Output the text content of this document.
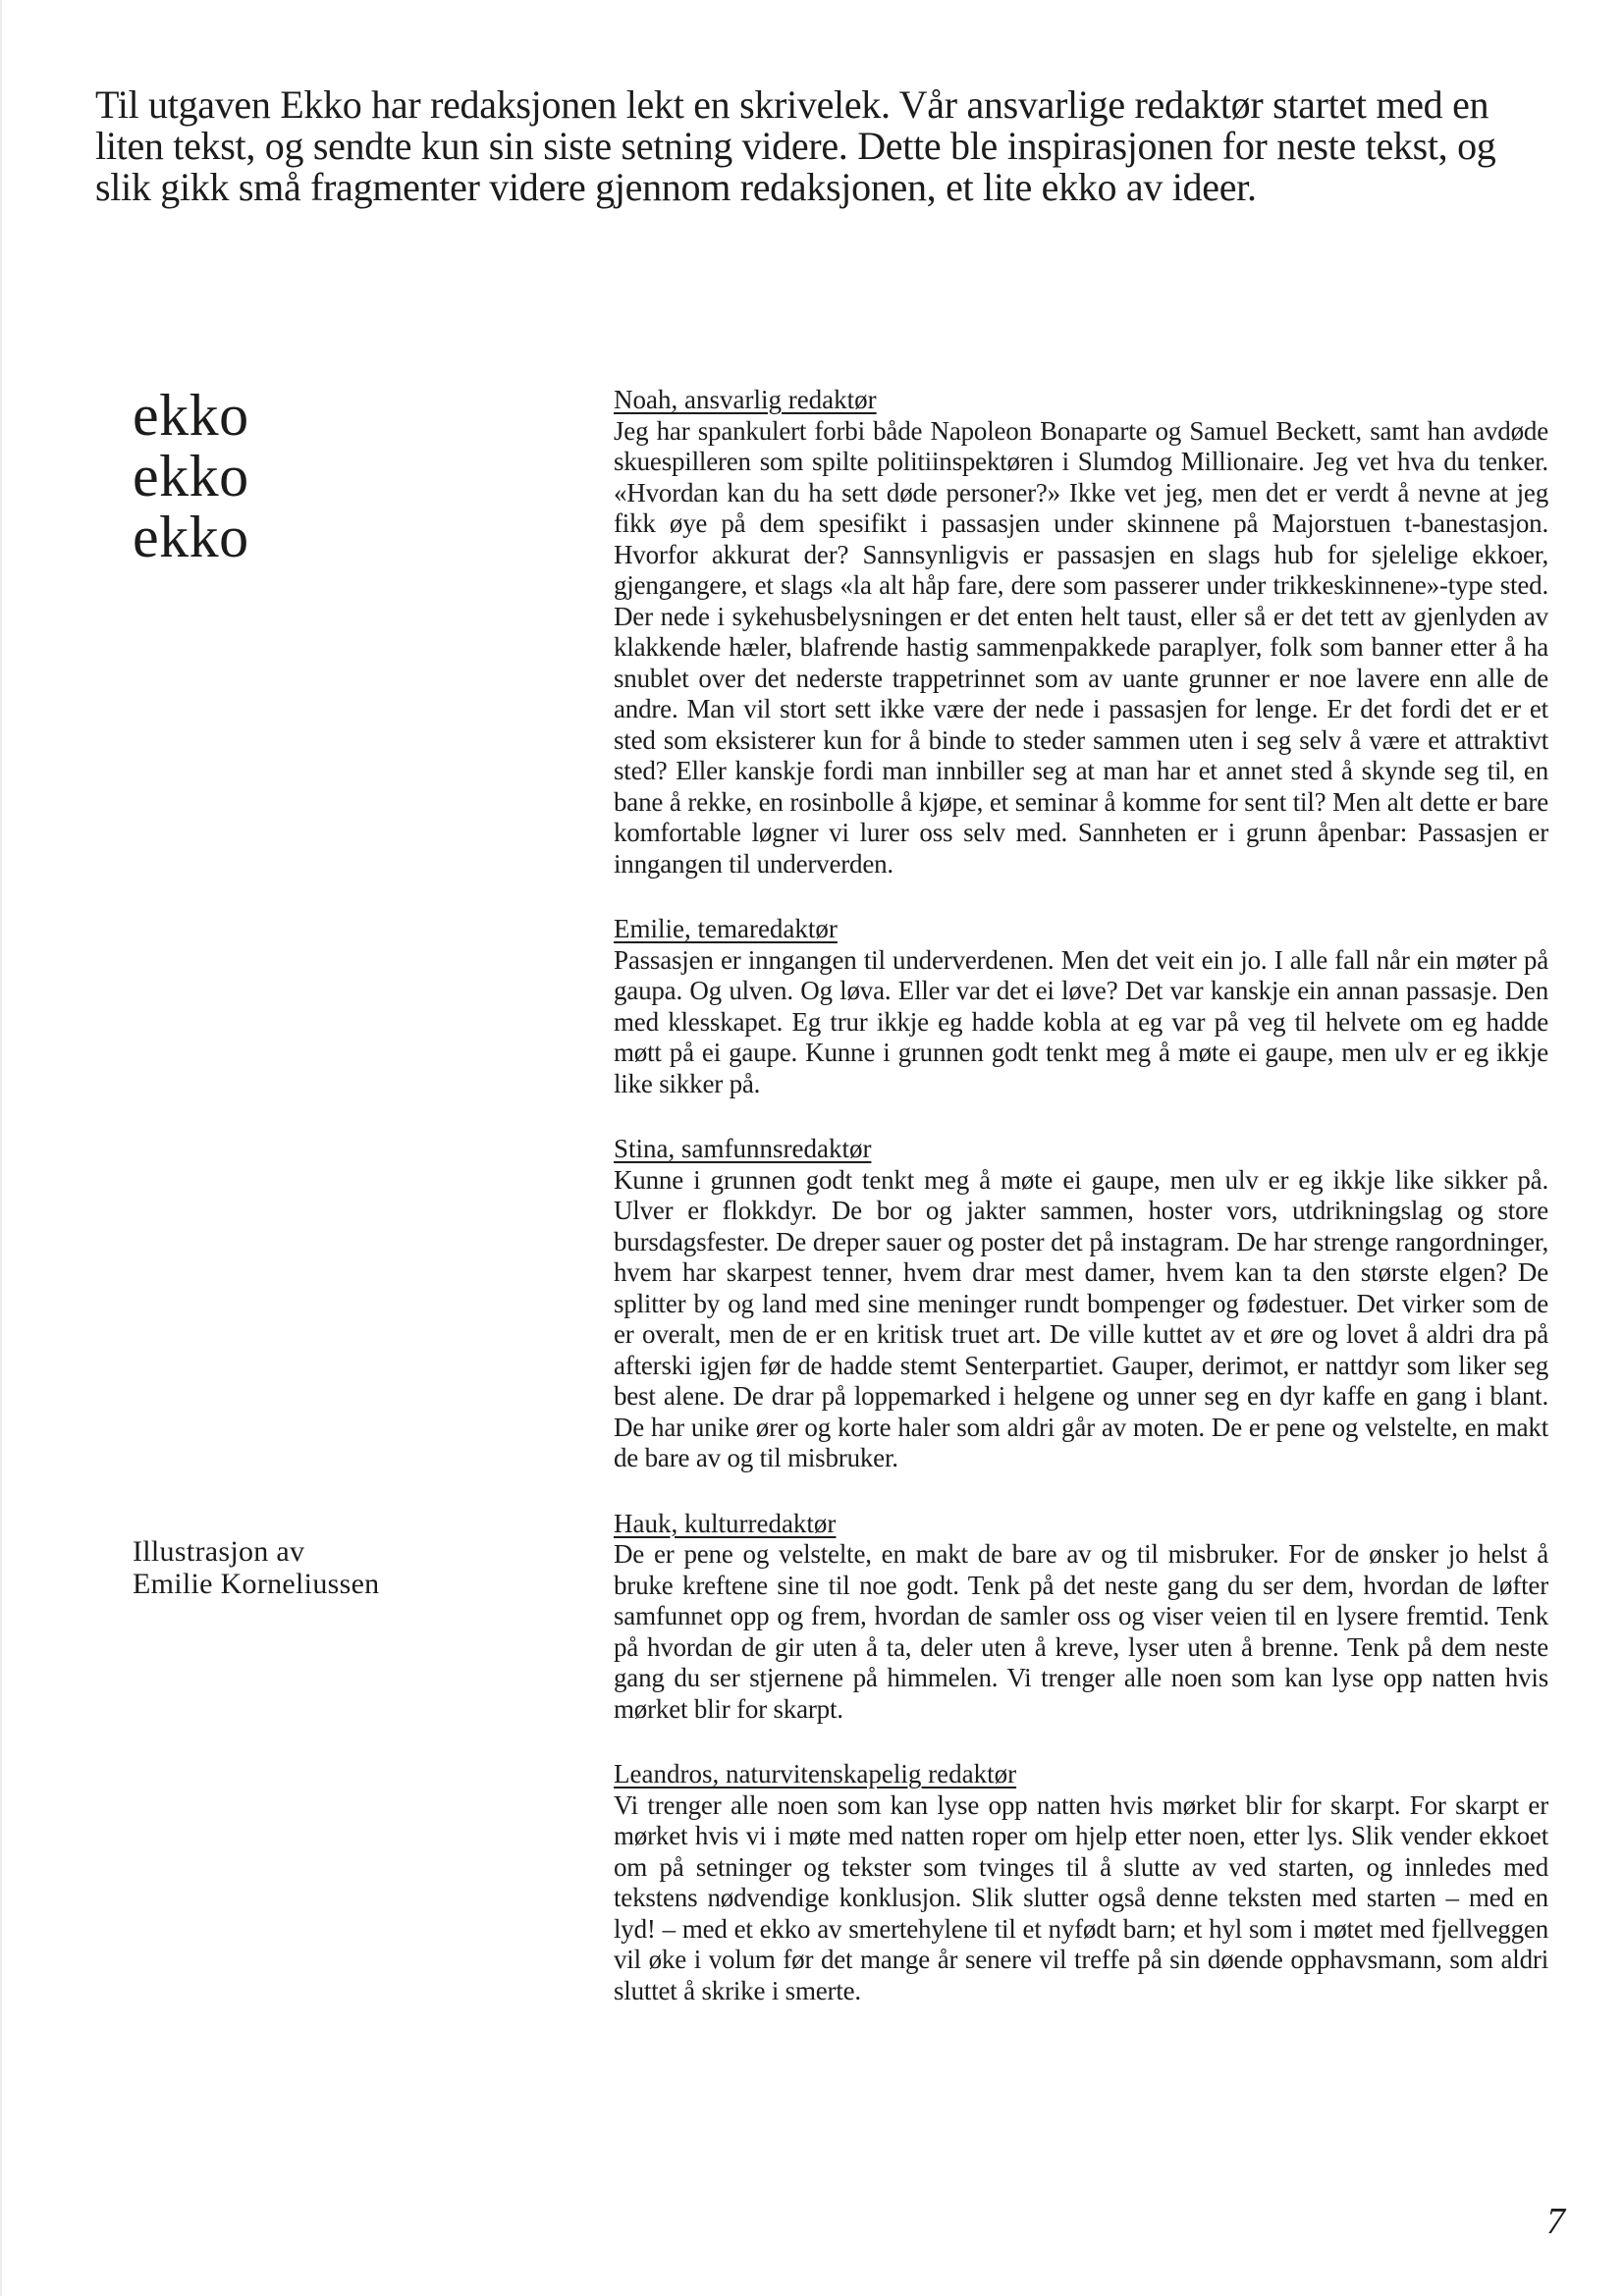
Til utgaven Ekko har redaksjonen lekt en skrivelek. Vår ansvarlige redaktør startet med en liten tekst, og sendte kun sin siste setning videre. Dette ble inspirasjonen for neste tekst, og slik gikk små fragmenter videre gjennom redaksjonen, et lite ekko av ideer.

ekko
ekko
ekko
Illustrasjon av
Emilie Korneliussen
Noah, ansvarlig redaktør

Jeg har spankulert forbi både Napoleon Bonaparte og Samuel Beckett, samt han avdøde skuespilleren som spilte politiinspektøren i Slumdog Millionaire. Jeg vet hva du tenker. «Hvordan kan du ha sett døde personer?» Ikke vet jeg, men det er verdt å nevne at jeg fikk øye på dem spesifikt i passasjen under skinnene på Majorstuen t-banestasjon. Hvorfor akkurat der? Sannsynligvis er passasjen en slags hub for sjelelige ekkoer, gjengangere, et slags «la alt håp fare, dere som passerer under trikkeskinnene»-type sted. Der nede i sykehusbelysningen er det enten helt taust, eller så er det tett av gjenlyden av klakkende hæler, blafrende hastig sammenpakkede paraplyer, folk som banner etter å ha snublet over det nederste trappetrinnet som av uante grunner er noe lavere enn alle de andre. Man vil stort sett ikke være der nede i passasjen for lenge. Er det fordi det er et sted som eksisterer kun for å binde to steder sammen uten i seg selv å være et attraktivt sted? Eller kanskje fordi man innbiller seg at man har et annet sted å skynde seg til, en bane å rekke, en rosinbolle å kjøpe, et seminar å komme for sent til? Men alt dette er bare komfortable løgner vi lurer oss selv med. Sannheten er i grunn åpenbar: Passasjen er inngangen til underverden.

Emilie, temaredaktør

Passasjen er inngangen til underverdenen. Men det veit ein jo. I alle fall når ein møter på gaupa. Og ulven. Og løva. Eller var det ei løve? Det var kanskje ein annan passasje. Den med klesskapet. Eg trur ikkje eg hadde kobla at eg var på veg til helvete om eg hadde møtt på ei gaupe. Kunne i grunnen godt tenkt meg å møte ei gaupe, men ulv er eg ikkje like sikker på.

Stina, samfunnsredaktør

Kunne i grunnen godt tenkt meg å møte ei gaupe, men ulv er eg ikkje like sikker på. Ulver er flokkdyr. De bor og jakter sammen, hoster vors, utdrikningslag og store bursdagsfester. De dreper sauer og poster det på instagram. De har strenge rangordninger, hvem har skarpest tenner, hvem drar mest damer, hvem kan ta den største elgen? De splitter by og land med sine meninger rundt bompenger og fødestuer. Det virker som de er overalt, men de er en kritisk truet art. De ville kuttet av et øre og lovet å aldri dra på afterski igjen før de hadde stemt Senterpartiet. Gauper, derimot, er nattdyr som liker seg best alene. De drar på loppemarked i helgene og unner seg en dyr kaffe en gang i blant. De har unike ører og korte haler som aldri går av moten. De er pene og velstelte, en makt de bare av og til misbruker.

Hauk, kulturredaktør

De er pene og velstelte, en makt de bare av og til misbruker. For de ønsker jo helst å bruke kreftene sine til noe godt. Tenk på det neste gang du ser dem, hvordan de løfter samfunnet opp og frem, hvordan de samler oss og viser veien til en lysere fremtid. Tenk på hvordan de gir uten å ta, deler uten å kreve, lyser uten å brenne. Tenk på dem neste gang du ser stjernene på himmelen. Vi trenger alle noen som kan lyse opp natten hvis mørket blir for skarpt.

Leandros, naturvitenskapelig redaktør

Vi trenger alle noen som kan lyse opp natten hvis mørket blir for skarpt. For skarpt er mørket hvis vi i møte med natten roper om hjelp etter noen, etter lys. Slik vender ekkoet om på setninger og tekster som tvinges til å slutte av ved starten, og innledes med tekstens nødvendige konklusjon. Slik slutter også denne teksten med starten – med en lyd! – med et ekko av smertehylene til et nyfødt barn; et hyl som i møtet med fjellveggen vil øke i volum før det mange år senere vil treffe på sin døende opphavsmann, som aldri sluttet å skrike i smerte.

7
